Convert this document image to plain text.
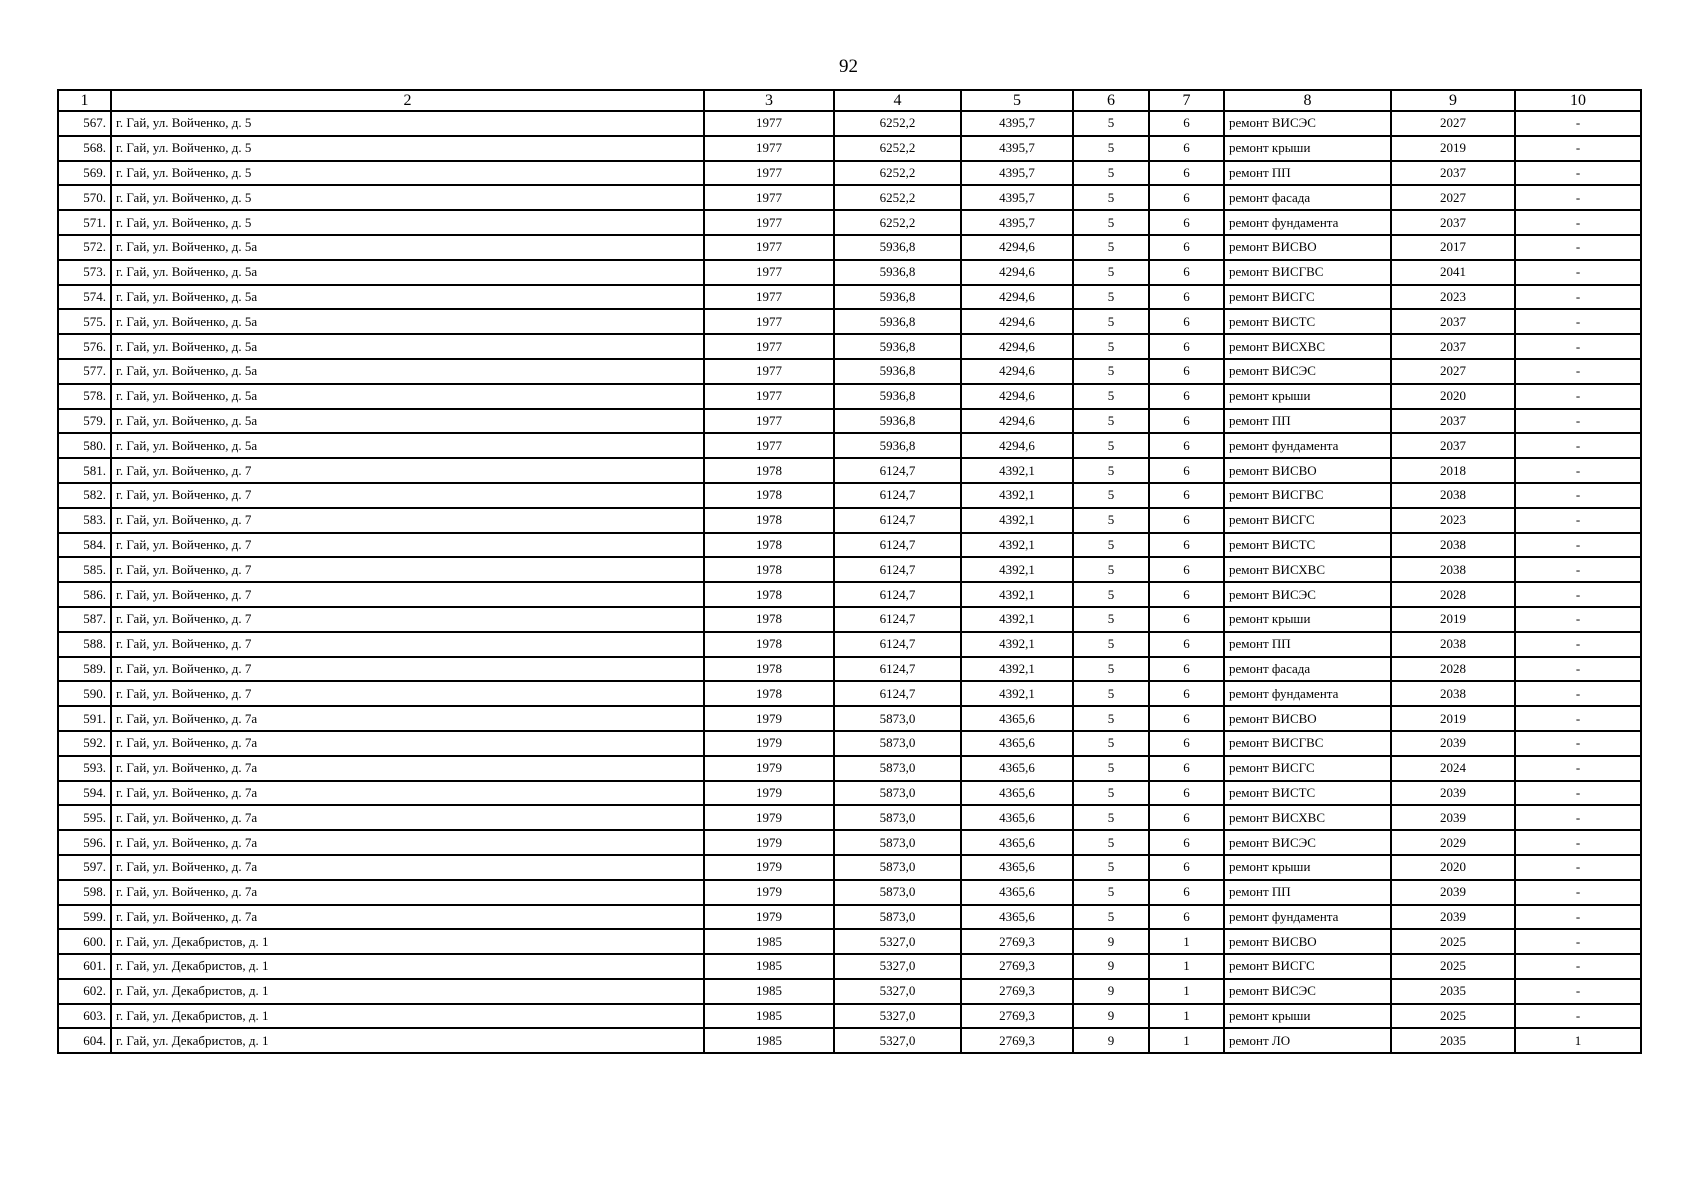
92
1	2	3	4	5	6	7	8	9	10
567.	г. Гай, ул. Войченко, д. 5	1977	6252,2	4395,7	5	6	ремонт ВИСЭС	2027	-
568.	г. Гай, ул. Войченко, д. 5	1977	6252,2	4395,7	5	6	ремонт крыши	2019	-
569.	г. Гай, ул. Войченко, д. 5	1977	6252,2	4395,7	5	6	ремонт ПП	2037	-
570.	г. Гай, ул. Войченко, д. 5	1977	6252,2	4395,7	5	6	ремонт фасада	2027	-
571.	г. Гай, ул. Войченко, д. 5	1977	6252,2	4395,7	5	6	ремонт фундамента	2037	-
572.	г. Гай, ул. Войченко, д. 5а	1977	5936,8	4294,6	5	6	ремонт ВИСВО	2017	-
573.	г. Гай, ул. Войченко, д. 5а	1977	5936,8	4294,6	5	6	ремонт ВИСГВС	2041	-
574.	г. Гай, ул. Войченко, д. 5а	1977	5936,8	4294,6	5	6	ремонт ВИСГС	2023	-
575.	г. Гай, ул. Войченко, д. 5а	1977	5936,8	4294,6	5	6	ремонт ВИСТС	2037	-
576.	г. Гай, ул. Войченко, д. 5а	1977	5936,8	4294,6	5	6	ремонт ВИСХВС	2037	-
577.	г. Гай, ул. Войченко, д. 5а	1977	5936,8	4294,6	5	6	ремонт ВИСЭС	2027	-
578.	г. Гай, ул. Войченко, д. 5а	1977	5936,8	4294,6	5	6	ремонт крыши	2020	-
579.	г. Гай, ул. Войченко, д. 5а	1977	5936,8	4294,6	5	6	ремонт ПП	2037	-
580.	г. Гай, ул. Войченко, д. 5а	1977	5936,8	4294,6	5	6	ремонт фундамента	2037	-
581.	г. Гай, ул. Войченко, д. 7	1978	6124,7	4392,1	5	6	ремонт ВИСВО	2018	-
582.	г. Гай, ул. Войченко, д. 7	1978	6124,7	4392,1	5	6	ремонт ВИСГВС	2038	-
583.	г. Гай, ул. Войченко, д. 7	1978	6124,7	4392,1	5	6	ремонт ВИСГС	2023	-
584.	г. Гай, ул. Войченко, д. 7	1978	6124,7	4392,1	5	6	ремонт ВИСТС	2038	-
585.	г. Гай, ул. Войченко, д. 7	1978	6124,7	4392,1	5	6	ремонт ВИСХВС	2038	-
586.	г. Гай, ул. Войченко, д. 7	1978	6124,7	4392,1	5	6	ремонт ВИСЭС	2028	-
587.	г. Гай, ул. Войченко, д. 7	1978	6124,7	4392,1	5	6	ремонт крыши	2019	-
588.	г. Гай, ул. Войченко, д. 7	1978	6124,7	4392,1	5	6	ремонт ПП	2038	-
589.	г. Гай, ул. Войченко, д. 7	1978	6124,7	4392,1	5	6	ремонт фасада	2028	-
590.	г. Гай, ул. Войченко, д. 7	1978	6124,7	4392,1	5	6	ремонт фундамента	2038	-
591.	г. Гай, ул. Войченко, д. 7а	1979	5873,0	4365,6	5	6	ремонт ВИСВО	2019	-
592.	г. Гай, ул. Войченко, д. 7а	1979	5873,0	4365,6	5	6	ремонт ВИСГВС	2039	-
593.	г. Гай, ул. Войченко, д. 7а	1979	5873,0	4365,6	5	6	ремонт ВИСГС	2024	-
594.	г. Гай, ул. Войченко, д. 7а	1979	5873,0	4365,6	5	6	ремонт ВИСТС	2039	-
595.	г. Гай, ул. Войченко, д. 7а	1979	5873,0	4365,6	5	6	ремонт ВИСХВС	2039	-
596.	г. Гай, ул. Войченко, д. 7а	1979	5873,0	4365,6	5	6	ремонт ВИСЭС	2029	-
597.	г. Гай, ул. Войченко, д. 7а	1979	5873,0	4365,6	5	6	ремонт крыши	2020	-
598.	г. Гай, ул. Войченко, д. 7а	1979	5873,0	4365,6	5	6	ремонт ПП	2039	-
599.	г. Гай, ул. Войченко, д. 7а	1979	5873,0	4365,6	5	6	ремонт фундамента	2039	-
600.	г. Гай, ул. Декабристов, д. 1	1985	5327,0	2769,3	9	1	ремонт ВИСВО	2025	-
601.	г. Гай, ул. Декабристов, д. 1	1985	5327,0	2769,3	9	1	ремонт ВИСГС	2025	-
602.	г. Гай, ул. Декабристов, д. 1	1985	5327,0	2769,3	9	1	ремонт ВИСЭС	2035	-
603.	г. Гай, ул. Декабристов, д. 1	1985	5327,0	2769,3	9	1	ремонт крыши	2025	-
604.	г. Гай, ул. Декабристов, д. 1	1985	5327,0	2769,3	9	1	ремонт ЛО	2035	1
